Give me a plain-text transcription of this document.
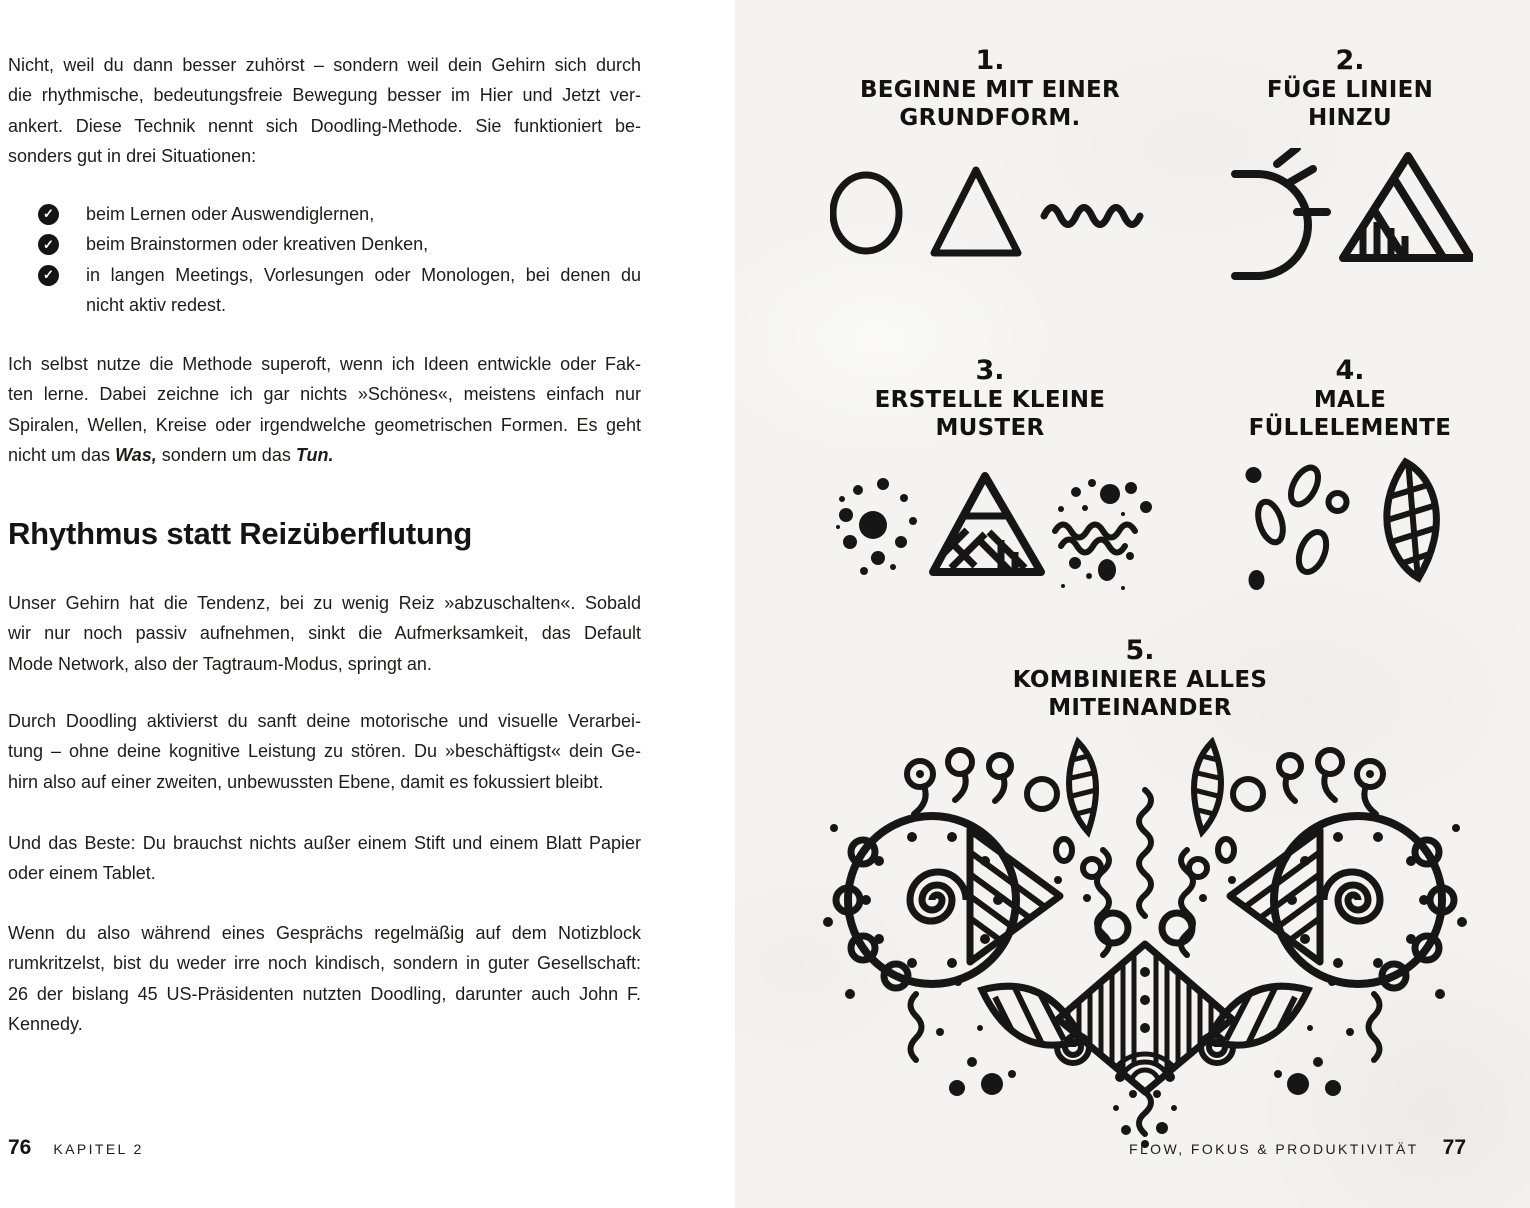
Nicht, weil du dann besser zuhörst – sondern weil dein Gehirn sich durch
die rhythmische, bedeutungsfreie Bewegung besser im Hier und Jetzt ver-
ankert. Diese Technik nennt sich Doodling-Methode. Sie funktioniert be-
sonders gut in drei Situationen:
✓ beim Lernen oder Auswendiglernen,
✓ beim Brainstormen oder kreativen Denken,
✓ in langen Meetings, Vorlesungen oder Monologen, bei denen du
nicht aktiv redest.
Ich selbst nutze die Methode superoft, wenn ich Ideen entwickle oder Fak-
ten lerne. Dabei zeichne ich gar nichts »Schönes«, meistens einfach nur
Spiralen, Wellen, Kreise oder irgendwelche geometrischen Formen. Es geht
nicht um das Was, sondern um das Tun.
Rhythmus statt Reizüberflutung
Unser Gehirn hat die Tendenz, bei zu wenig Reiz »abzuschalten«. Sobald
wir nur noch passiv aufnehmen, sinkt die Aufmerksamkeit, das Default
Mode Network, also der Tagtraum-Modus, springt an.
Durch Doodling aktivierst du sanft deine motorische und visuelle Verarbei-
tung – ohne deine kognitive Leistung zu stören. Du »beschäftigst« dein Ge-
hirn also auf einer zweiten, unbewussten Ebene, damit es fokussiert bleibt.
Und das Beste: Du brauchst nichts außer einem Stift und einem Blatt Papier
oder einem Tablet.
Wenn du also während eines Gesprächs regelmäßig auf dem Notizblock
rumkritzelst, bist du weder irre noch kindisch, sondern in guter Gesellschaft:
26 der bislang 45 US-Präsidenten nutzten Doodling, darunter auch John F.
Kennedy.
76 KAPITEL 2
1.
BEGINNE MIT EINER
GRUNDFORM.
2.
FÜGE LINIEN
HINZU
3.
ERSTELLE KLEINE
MUSTER
4.
MALE
FÜLLELEMENTE
5.
KOMBINIERE ALLES
MITEINANDER
FLOW, FOKUS & PRODUKTIVITÄT 77
